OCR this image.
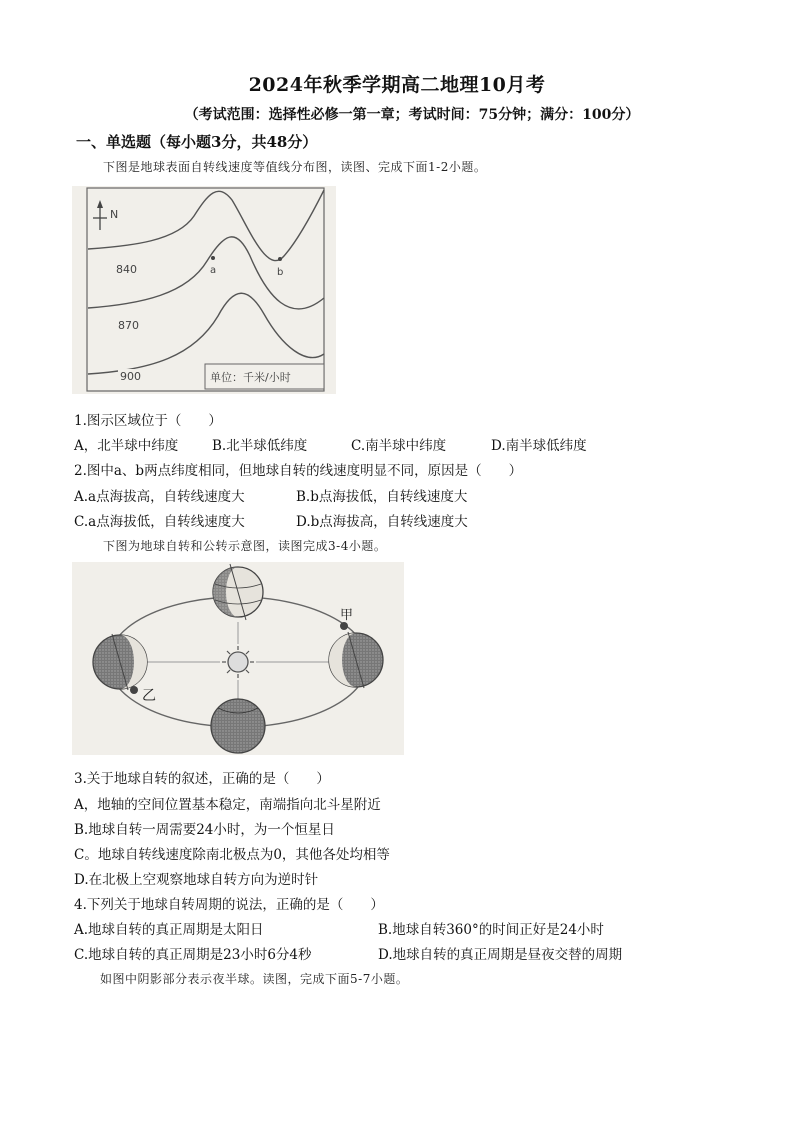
2024年秋季学期高二地理10月考
（考试范围：选择性必修一第一章；考试时间：75分钟；满分：100分）
一、单选题（每小题3分，共48分）
下图是地球表面自转线速度等值线分布图，读图、完成下面1-2小题。
N
840
870
900
a	b
单位：千米/小时
1.图示区域位于（　　）
A，北半球中纬度	B.北半球低纬度	C.南半球中纬度	D.南半球低纬度
2.图中a、b两点纬度相同，但地球自转的线速度明显不同，原因是（　　）
A.a点海拔高，自转线速度大	B.b点海拔低，自转线速度大
C.a点海拔低，自转线速度大	D.b点海拔高，自转线速度大
下图为地球自转和公转示意图，读图完成3-4小题。
甲
乙
3.关于地球自转的叙述，正确的是（　　）
A，地轴的空间位置基本稳定，南端指向北斗星附近
B.地球自转一周需要24小时，为一个恒星日
C。地球自转线速度除南北极点为0，其他各处均相等
D.在北极上空观察地球自转方向为逆时针
4.下列关于地球自转周期的说法，正确的是（　　）
A.地球自转的真正周期是太阳日	B.地球自转360°的时间正好是24小时
C.地球自转的真正周期是23小时6分4秒	D.地球自转的真正周期是昼夜交替的周期
如图中阴影部分表示夜半球。读图，完成下面5-7小题。
